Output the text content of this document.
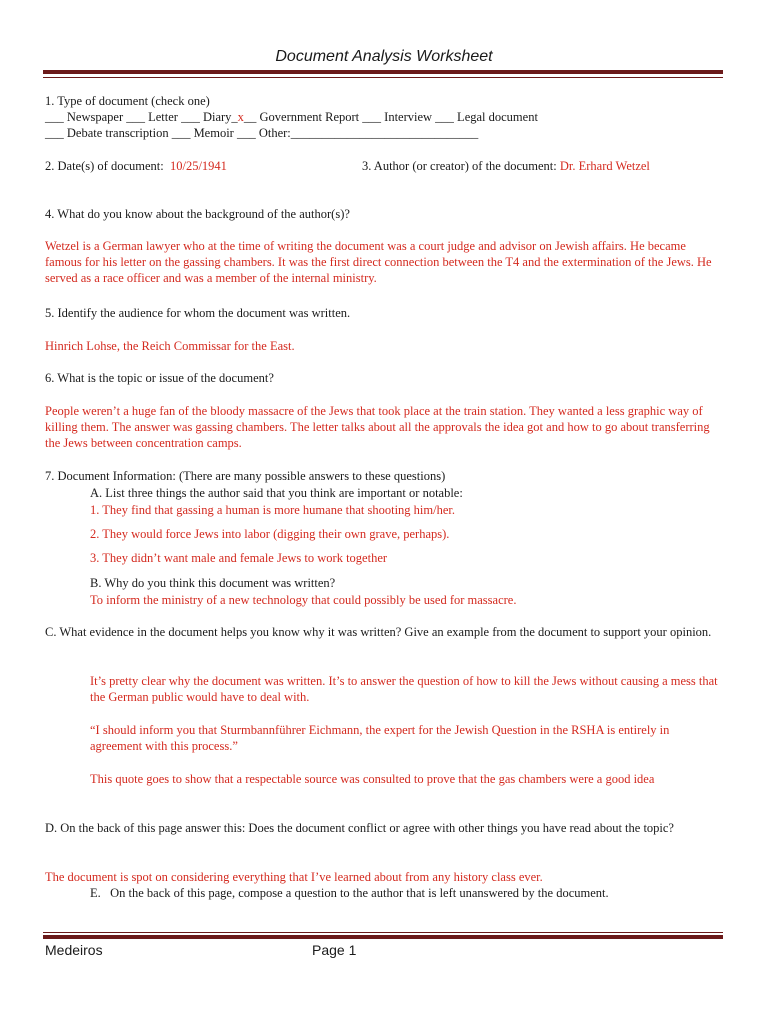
Document Analysis Worksheet
1. Type of document (check one)
___ Newspaper ___ Letter ___ Diary_x__ Government Report ___ Interview ___ Legal document
___ Debate transcription ___ Memoir ___ Other:______________________________
2. Date(s) of document: 10/25/1941	3. Author (or creator) of the document: Dr. Erhard Wetzel
4. What do you know about the background of the author(s)?
Wetzel is a German lawyer who at the time of writing the document was a court judge and advisor on Jewish affairs. He became famous for his letter on the gassing chambers. It was the first direct connection between the T4 and the extermination of the Jews. He served as a race officer and was a member of the internal ministry.
5. Identify the audience for whom the document was written.
Hinrich Lohse, the Reich Commissar for the East.
6. What is the topic or issue of the document?
People weren’t a huge fan of the bloody massacre of the Jews that took place at the train station. They wanted a less graphic way of killing them. The answer was gassing chambers. The letter talks about all the approvals the idea got and how to go about transferring the Jews between concentration camps.
7. Document Information: (There are many possible answers to these questions)
A. List three things the author said that you think are important or notable:
1. They find that gassing a human is more humane that shooting him/her.
2. They would force Jews into labor (digging their own grave, perhaps).
3. They didn’t want male and female Jews to work together
B. Why do you think this document was written?
To inform the ministry of a new technology that could possibly be used for massacre.
C. What evidence in the document helps you know why it was written? Give an example from the document to support your opinion.
It’s pretty clear why the document was written. It’s to answer the question of how to kill the Jews without causing a mess that the German public would have to deal with.
“I should inform you that Sturmbannführer Eichmann, the expert for the Jewish Question in the RSHA is entirely in agreement with this process.”
This quote goes to show that a respectable source was consulted to prove that the gas chambers were a good idea
D. On the back of this page answer this: Does the document conflict or agree with other things you have read about the topic?
The document is spot on considering everything that I’ve learned about from any history class ever.
E.   On the back of this page, compose a question to the author that is left unanswered by the document.
Medeiros	Page 1
